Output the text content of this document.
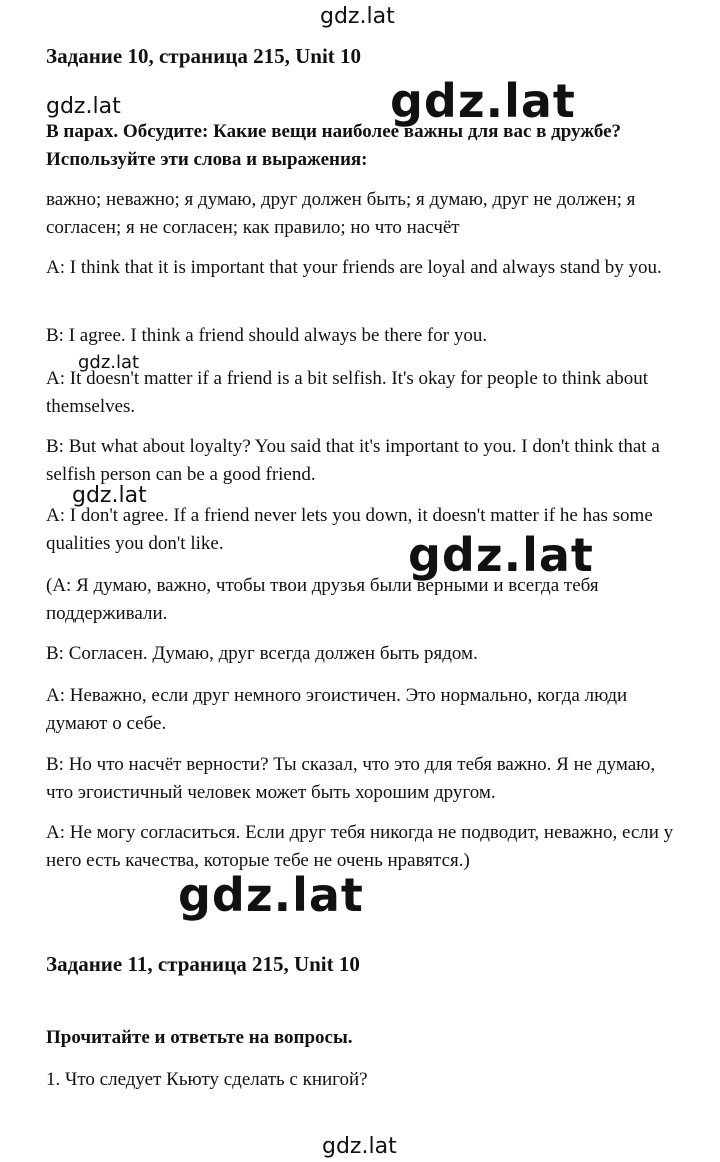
gdz.lat
gdz.lat	gdz.lat
gdz.lat
gdz.lat
gdz.lat
gdz.lat
gdz.lat
Задание 10, страница 215, Unit 10
В парах. Обсудите: Какие вещи наиболее важны для вас в дружбе? Используйте эти слова и выражения:
важно; неважно; я думаю, друг должен быть; я думаю, друг не должен; я согласен; я не согласен; как правило; но что насчёт
A: I think that it is important that your friends are loyal and always stand by you.
B: I agree. I think a friend should always be there for you.
A: It doesn't matter if a friend is a bit selfish. It's okay for people to think about themselves.
B: But what about loyalty? You said that it's important to you. I don't think that a selfish person can be a good friend.
A: I don't agree. If a friend never lets you down, it doesn't matter if he has some qualities you don't like.
(А: Я думаю, важно, чтобы твои друзья были верными и всегда тебя поддерживали.
В: Согласен. Думаю, друг всегда должен быть рядом.
А: Неважно, если друг немного эгоистичен. Это нормально, когда люди думают о себе.
В: Но что насчёт верности? Ты сказал, что это для тебя важно. Я не думаю, что эгоистичный человек может быть хорошим другом.
А: Не могу согласиться. Если друг тебя никогда не подводит, неважно, если у него есть качества, которые тебе не очень нравятся.)
Задание 11, страница 215, Unit 10
Прочитайте и ответьте на вопросы.
1. Что следует Кьюту сделать с книгой?
